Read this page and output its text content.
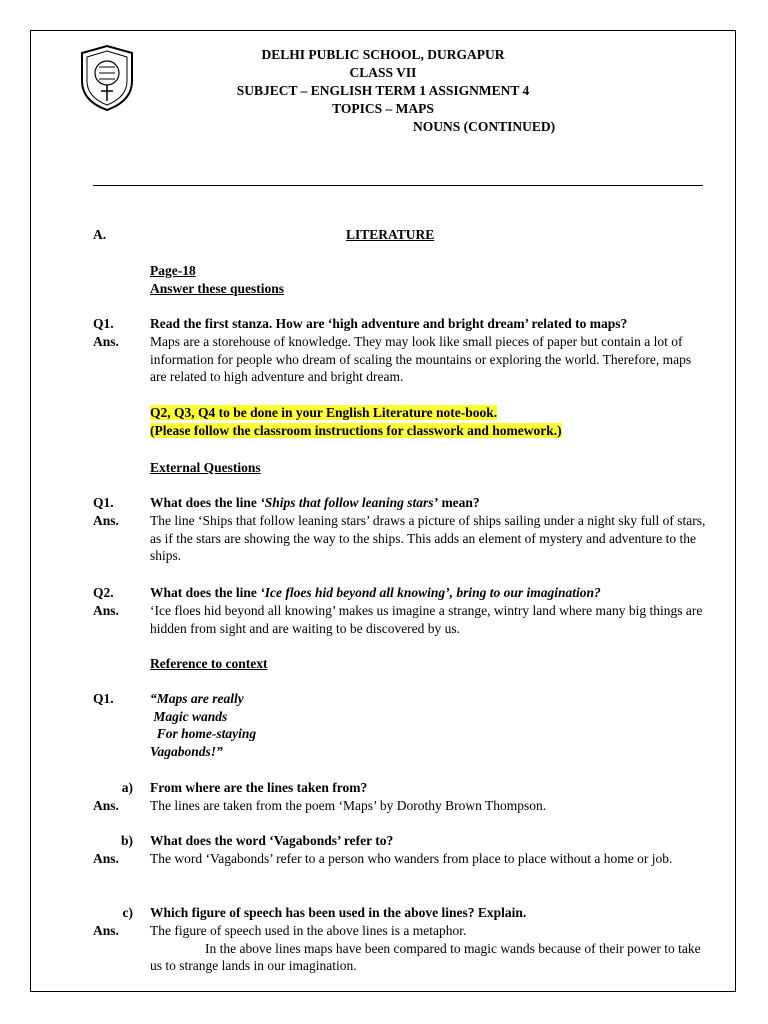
DELHI PUBLIC SCHOOL, DURGAPUR
CLASS VII
SUBJECT – ENGLISH TERM 1 ASSIGNMENT 4
TOPICS – MAPS
NOUNS (CONTINUED)
A.	LITERATURE
Page-18
Answer these questions
Q1.	Read the first stanza. How are ‘high adventure and bright dream’ related to maps?
Ans. Maps are a storehouse of knowledge. They may look like small pieces of paper but contain a lot of information for people who dream of scaling the mountains or exploring the world. Therefore, maps are related to high adventure and bright dream.
Q2, Q3, Q4 to be done in your English Literature note-book.
(Please follow the classroom instructions for classwork and homework.)
External Questions
Q1.	What does the line ‘Ships that follow leaning stars’ mean?
Ans. The line ‘Ships that follow leaning stars’ draws a picture of ships sailing under a night sky full of stars, as if the stars are showing the way to the ships. This adds an element of mystery and adventure to the ships.
Q2.	What does the line ‘Ice floes hid beyond all knowing’, bring to our imagination?
Ans. ‘Ice floes hid beyond all knowing’ makes us imagine a strange, wintry land where many big things are hidden from sight and are waiting to be discovered by us.
Reference to context
Q1.	“Maps are really
Magic wands
For home-staying
Vagabonds!”
a) From where are the lines taken from?
Ans. The lines are taken from the poem ‘Maps’ by Dorothy Brown Thompson.
b) What does the word ‘Vagabonds’ refer to?
Ans. The word ‘Vagabonds’ refer to a person who wanders from place to place without a home or job.
c) Which figure of speech has been used in the above lines? Explain.
Ans. The figure of speech used in the above lines is a metaphor.
In the above lines maps have been compared to magic wands because of their power to take us to strange lands in our imagination.
